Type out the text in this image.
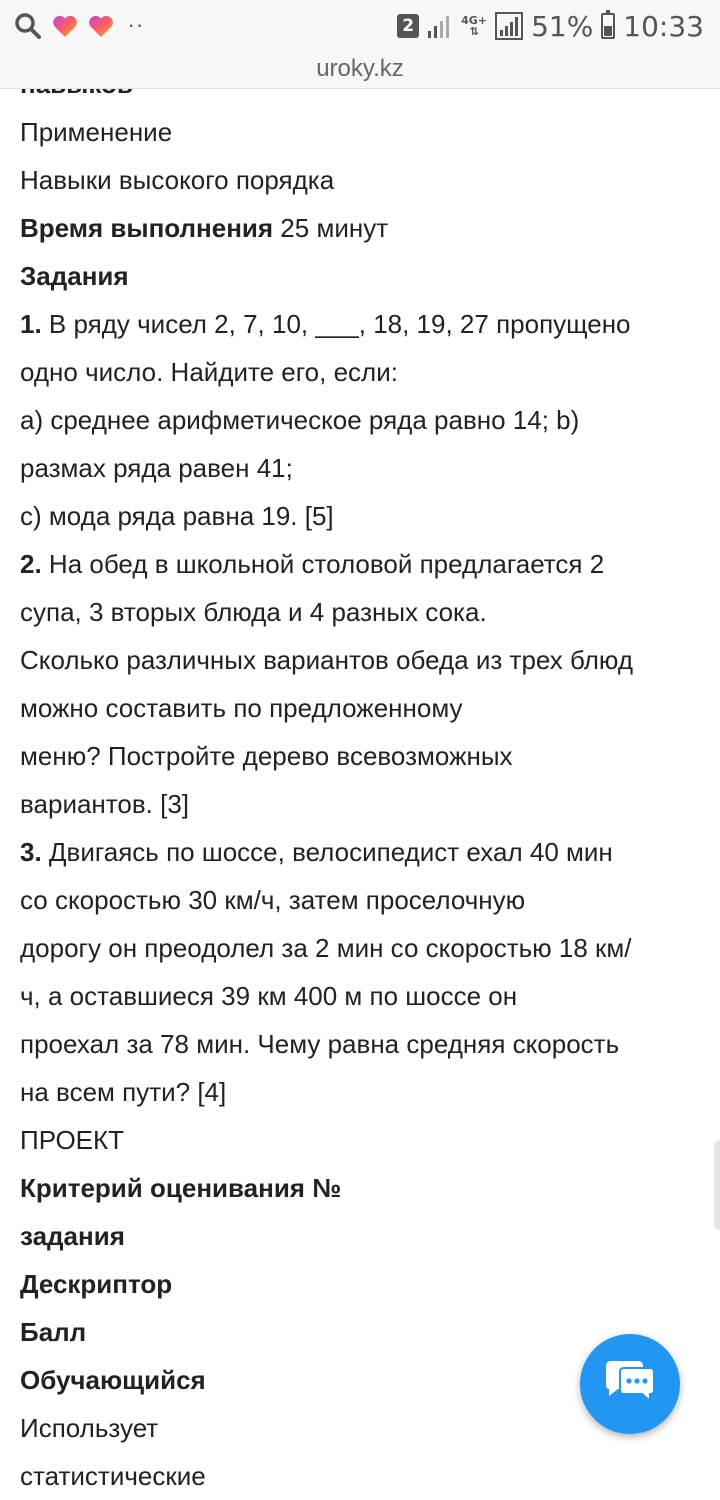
Применение
Навыки высокого порядка
Время выполнения 25 минут
Задания
1. В ряду чисел 2, 7, 10, ___, 18, 19, 27 пропущено
одно число. Найдите его, если:
a) среднее арифметическое ряда равно 14; b)
размах ряда равен 41;
c) мода ряда равна 19. [5]
2. На обед в школьной столовой предлагается 2
супа, 3 вторых блюда и 4 разных сока.
Сколько различных вариантов обеда из трех блюд
можно составить по предложенному
меню? Постройте дерево всевозможных
вариантов. [3]
3. Двигаясь по шоссе, велосипедист ехал 40 мин
со скоростью 30 км/ч, затем проселочную
дорогу он преодолел за 2 мин со скоростью 18 км/
ч, а оставшиеся 39 км 400 м по шоссе он
проехал за 78 мин. Чему равна средняя скорость
на всем пути? [4]
ПРОЕКТ
Критерий оценивания №
задания
Дескриптор
Балл
Обучающийся
Использует
статистические
··	2	4G+
⇅ 51% 10:33
uroky.kz
